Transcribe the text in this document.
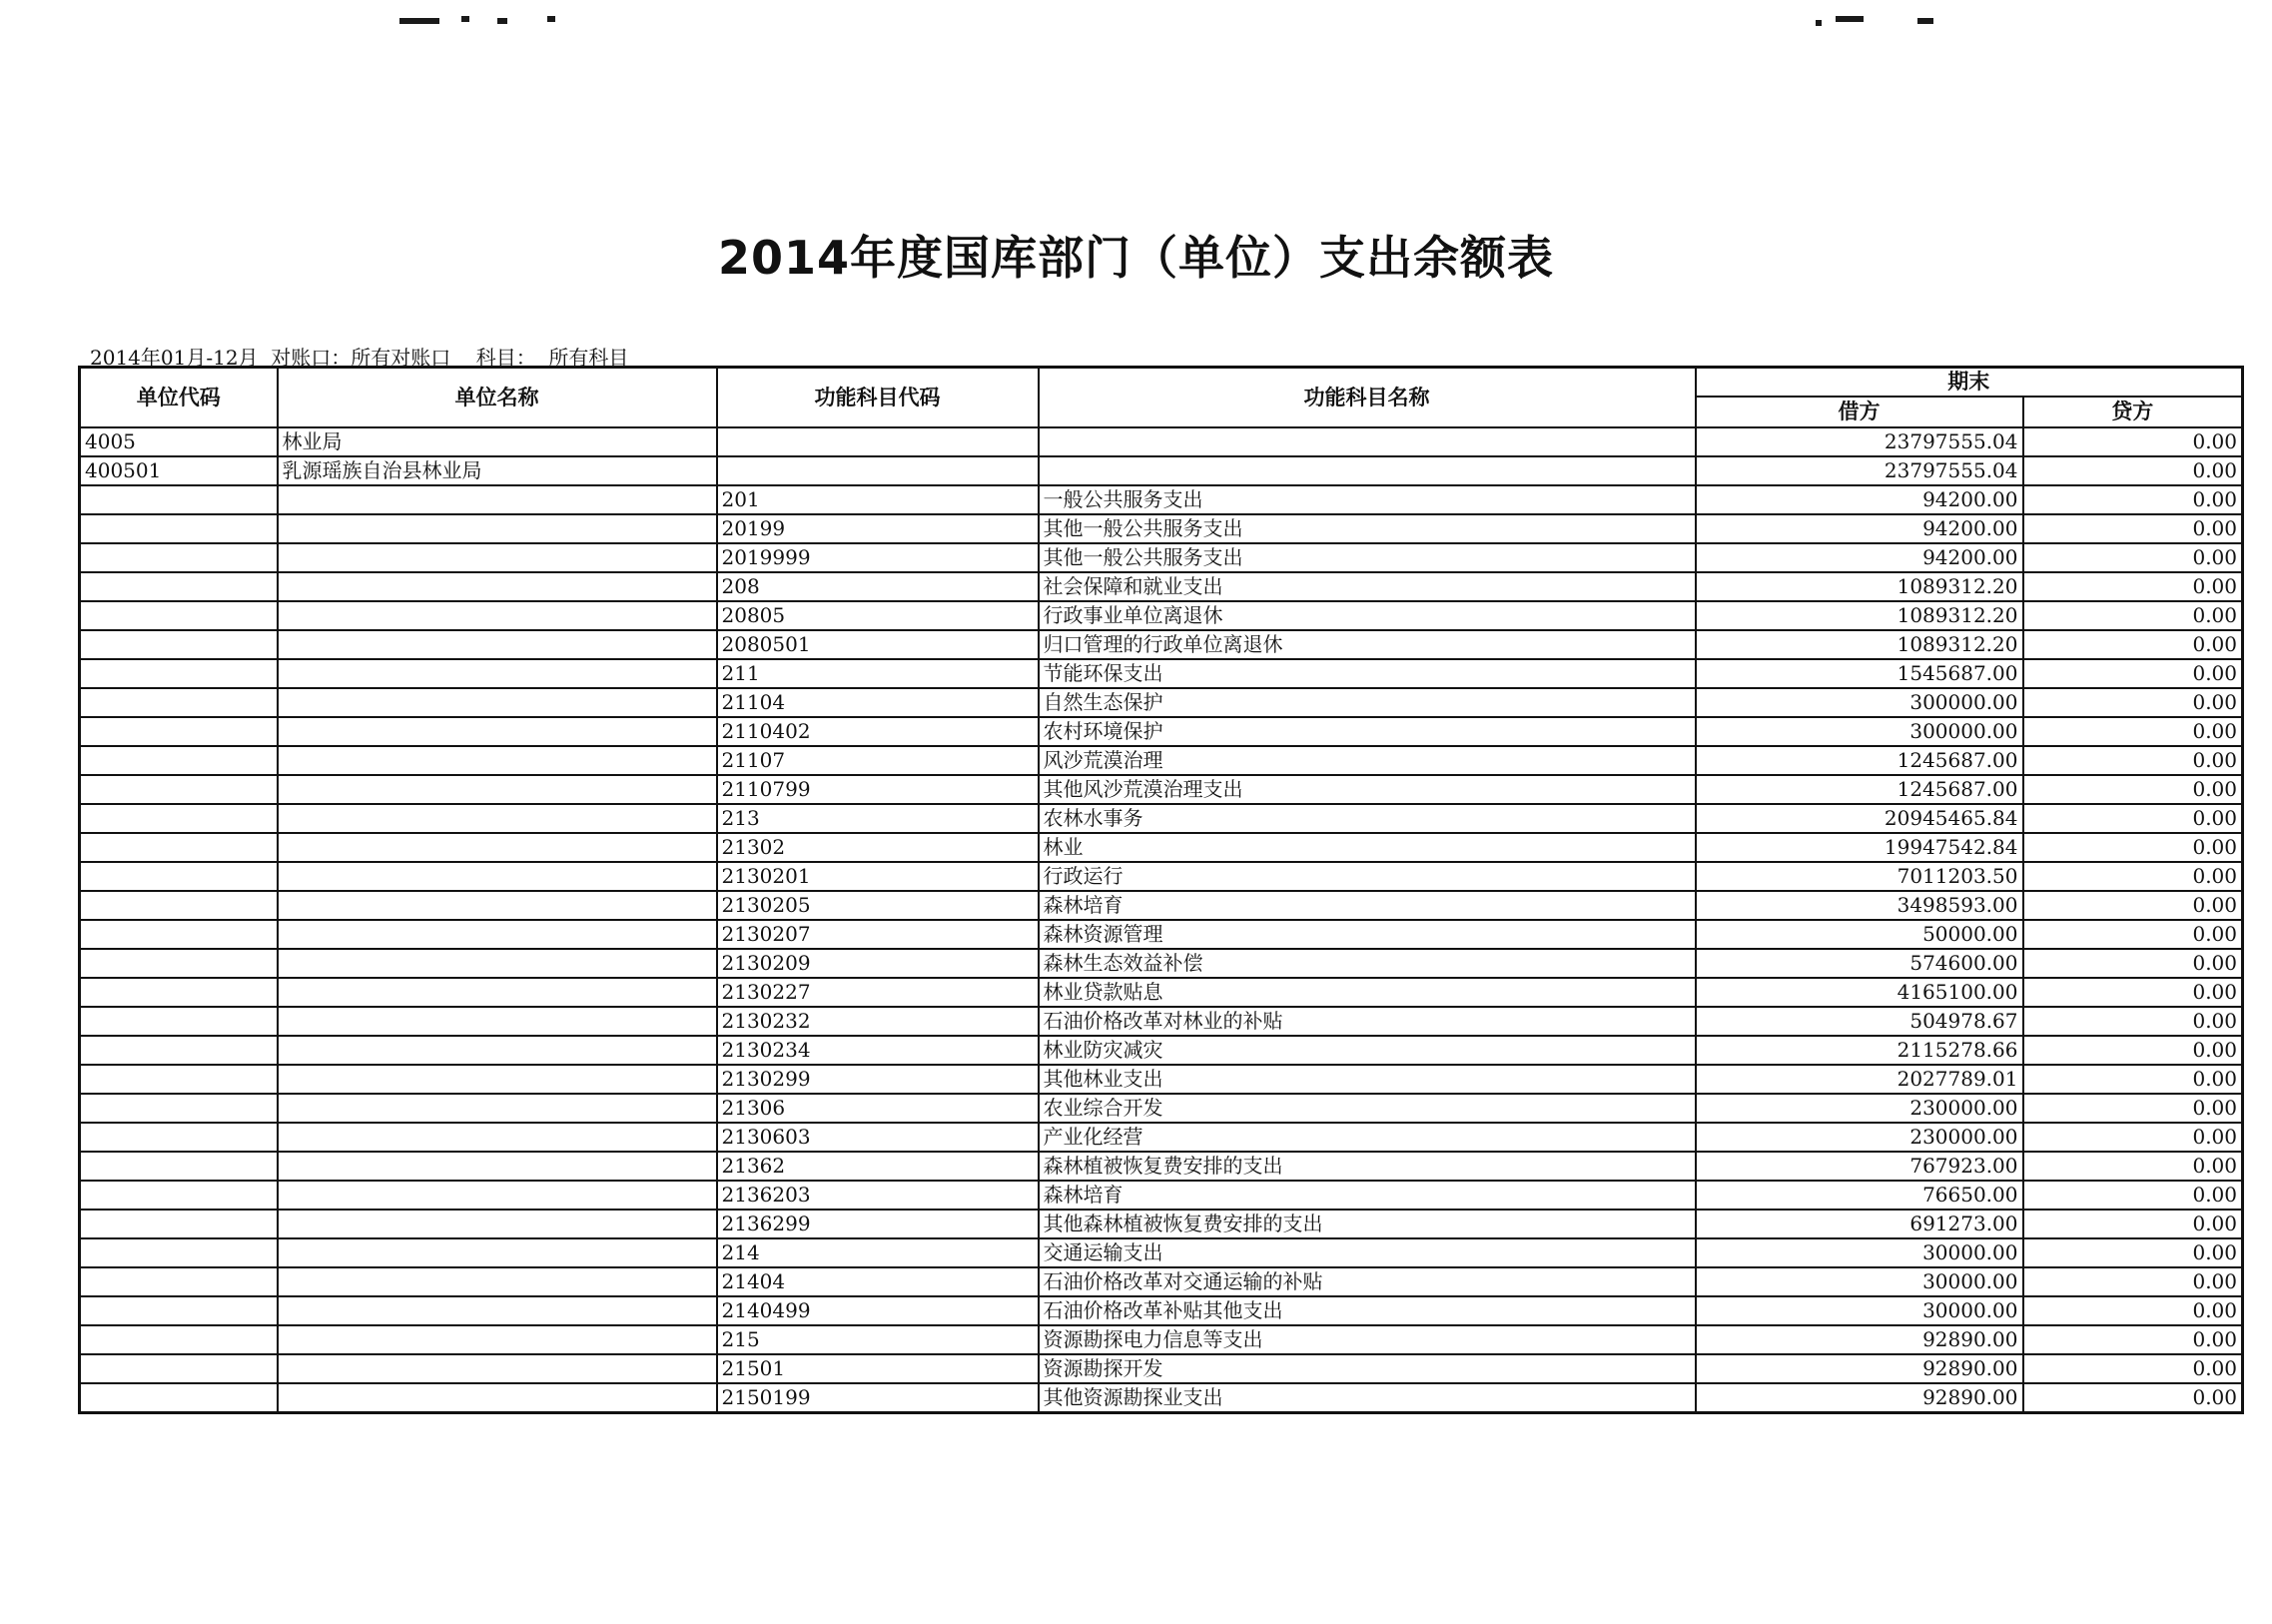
2014年度国库部门（单位）支出余额表
2014年01月-12月  对账口：所有对账口    科目：  所有科目
单位代码	单位名称	功能科目代码	功能科目名称	期末	
				借方	贷方
4005	林业局			23797555.04	0.00
400501	乳源瑶族自治县林业局			23797555.04	0.00
		201	一般公共服务支出	94200.00	0.00
		20199	其他一般公共服务支出	94200.00	0.00
		2019999	其他一般公共服务支出	94200.00	0.00
		208	社会保障和就业支出	1089312.20	0.00
		20805	行政事业单位离退休	1089312.20	0.00
		2080501	归口管理的行政单位离退休	1089312.20	0.00
		211	节能环保支出	1545687.00	0.00
		21104	自然生态保护	300000.00	0.00
		2110402	农村环境保护	300000.00	0.00
		21107	风沙荒漠治理	1245687.00	0.00
		2110799	其他风沙荒漠治理支出	1245687.00	0.00
		213	农林水事务	20945465.84	0.00
		21302	林业	19947542.84	0.00
		2130201	行政运行	7011203.50	0.00
		2130205	森林培育	3498593.00	0.00
		2130207	森林资源管理	50000.00	0.00
		2130209	森林生态效益补偿	574600.00	0.00
		2130227	林业贷款贴息	4165100.00	0.00
		2130232	石油价格改革对林业的补贴	504978.67	0.00
		2130234	林业防灾减灾	2115278.66	0.00
		2130299	其他林业支出	2027789.01	0.00
		21306	农业综合开发	230000.00	0.00
		2130603	产业化经营	230000.00	0.00
		21362	森林植被恢复费安排的支出	767923.00	0.00
		2136203	森林培育	76650.00	0.00
		2136299	其他森林植被恢复费安排的支出	691273.00	0.00
		214	交通运输支出	30000.00	0.00
		21404	石油价格改革对交通运输的补贴	30000.00	0.00
		2140499	石油价格改革补贴其他支出	30000.00	0.00
		215	资源勘探电力信息等支出	92890.00	0.00
		21501	资源勘探开发	92890.00	0.00
		2150199	其他资源勘探业支出	92890.00	0.00
